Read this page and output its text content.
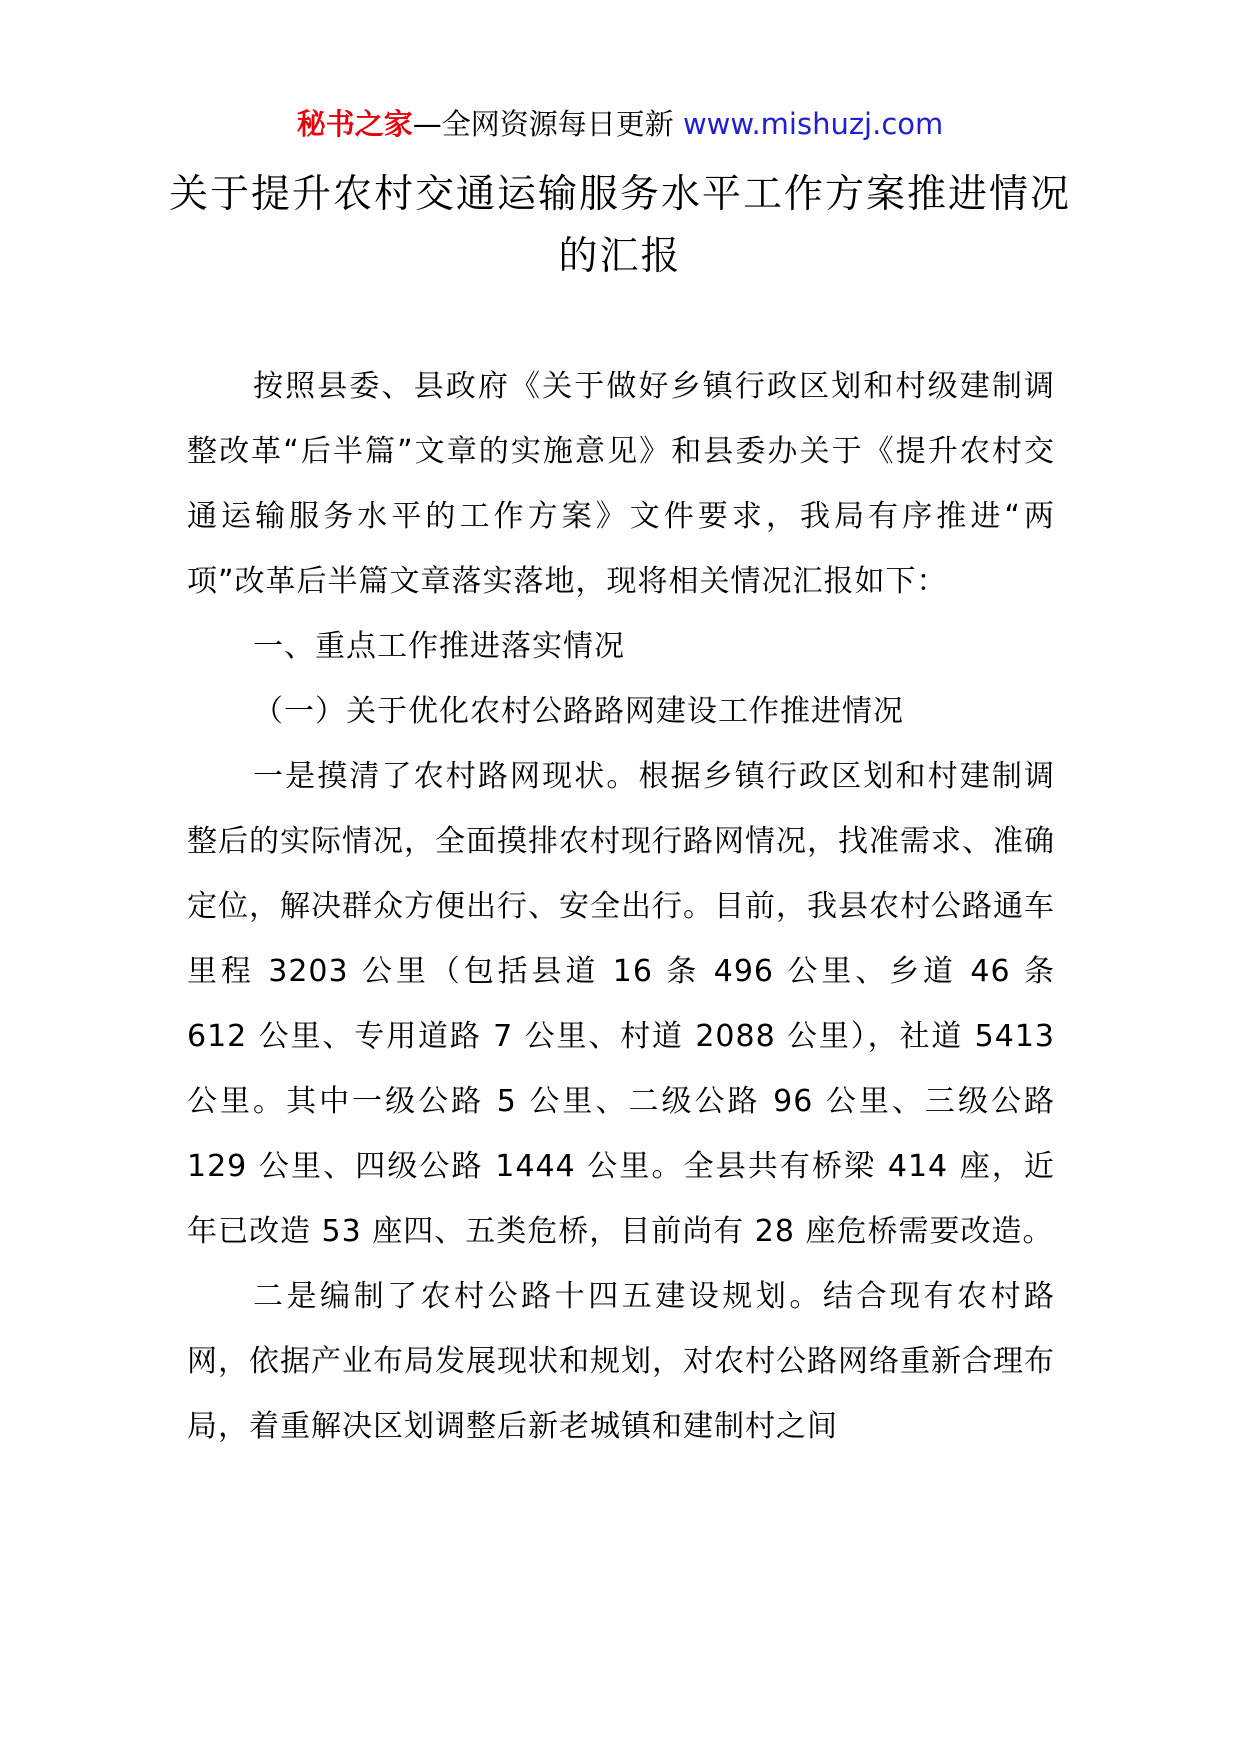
秘书之家—全网资源每日更新 www.mishuzj.com
关于提升农村交通运输服务水平工作方案推进情况的汇报

按照县委、县政府《关于做好乡镇行政区划和村级建制调整改革“后半篇”文章的实施意见》和县委办关于《提升农村交通运输服务水平的工作方案》文件要求，我局有序推进“两项”改革后半篇文章落实落地，现将相关情况汇报如下：

一、重点工作推进落实情况

（一）关于优化农村公路路网建设工作推进情况

一是摸清了农村路网现状。根据乡镇行政区划和村建制调整后的实际情况，全面摸排农村现行路网情况，找准需求、准确定位，解决群众方便出行、安全出行。目前，我县农村公路通车里程 3203 公里（包括县道 16 条 496 公里、乡道 46 条 612 公里、专用道路 7 公里、村道 2088 公里），社道 5413 公里。其中一级公路 5 公里、二级公路 96 公里、三级公路 129 公里、四级公路 1444 公里。全县共有桥梁 414 座，近年已改造 53 座四、五类危桥，目前尚有 28 座危桥需要改造。

二是编制了农村公路十四五建设规划。结合现有农村路网，依据产业布局发展现状和规划，对农村公路网络重新合理布局，着重解决区划调整后新老城镇和建制村之间
